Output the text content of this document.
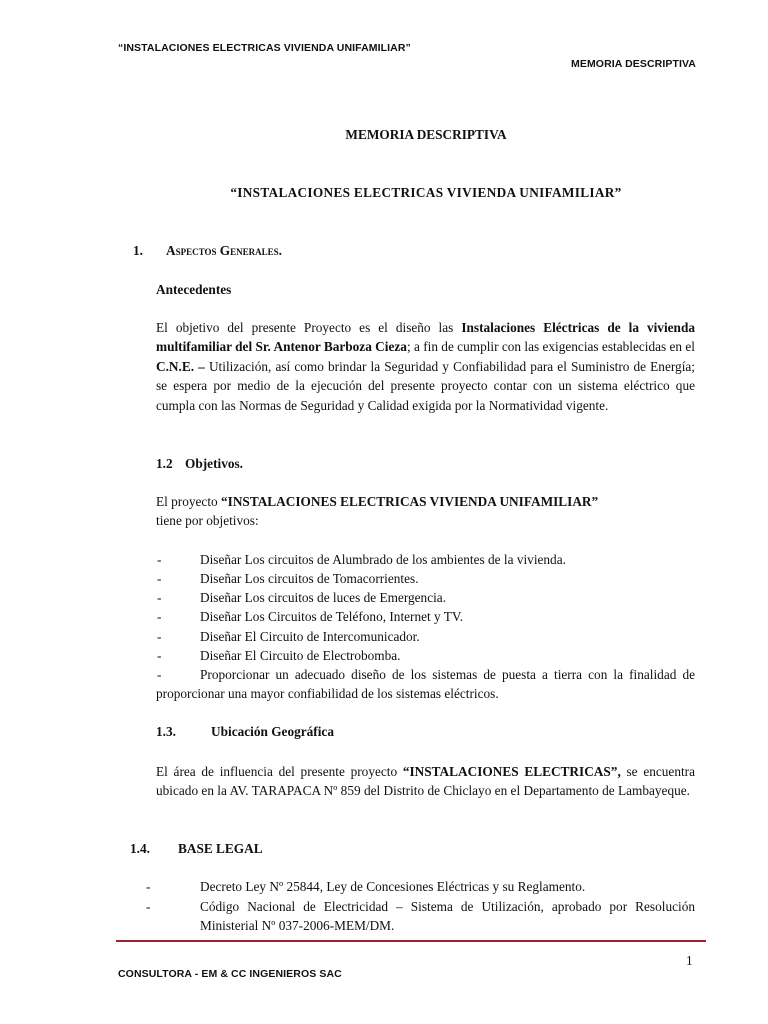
“INSTALACIONES ELECTRICAS VIVIENDA UNIFAMILIAR”
MEMORIA DESCRIPTIVA
MEMORIA DESCRIPTIVA
“INSTALACIONES ELECTRICAS VIVIENDA UNIFAMILIAR”
1. Aspectos Generales.
Antecedentes
El objetivo del presente Proyecto es el diseño las Instalaciones Eléctricas de la vivienda multifamiliar del Sr. Antenor Barboza Cieza; a fin de cumplir con las exigencias establecidas en el C.N.E. – Utilización, así como brindar la Seguridad y Confiabilidad para el Suministro de Energía; se espera por medio de la ejecución del presente proyecto contar con un sistema eléctrico que cumpla con las Normas de Seguridad y Calidad exigida por la Normatividad vigente.
1.2 Objetivos.
El proyecto “INSTALACIONES ELECTRICAS VIVIENDA UNIFAMILIAR”
tiene por objetivos:
-	Diseñar Los circuitos de Alumbrado de los ambientes de la vivienda.
-	Diseñar Los circuitos de Tomacorrientes.
-	Diseñar Los circuitos de luces de Emergencia.
-	Diseñar Los Circuitos de Teléfono, Internet y TV.
-	Diseñar El Circuito de Intercomunicador.
-	Diseñar El Circuito de Electrobomba.
-	Proporcionar un adecuado diseño de los sistemas de puesta a tierra con la finalidad de proporcionar una mayor confiabilidad de los sistemas eléctricos.
1.3.	Ubicación Geográfica
El área de influencia del presente proyecto “INSTALACIONES ELECTRICAS”, se encuentra ubicado en la AV. TARAPACA Nº 859 del Distrito de Chiclayo en el Departamento de Lambayeque.
1.4. BASE LEGAL
-	Decreto Ley Nº 25844, Ley de Concesiones Eléctricas y su Reglamento.
-	Código Nacional de Electricidad – Sistema de Utilización, aprobado por Resolución Ministerial Nº 037-2006-MEM/DM.
1
CONSULTORA - EM & CC INGENIEROS SAC
